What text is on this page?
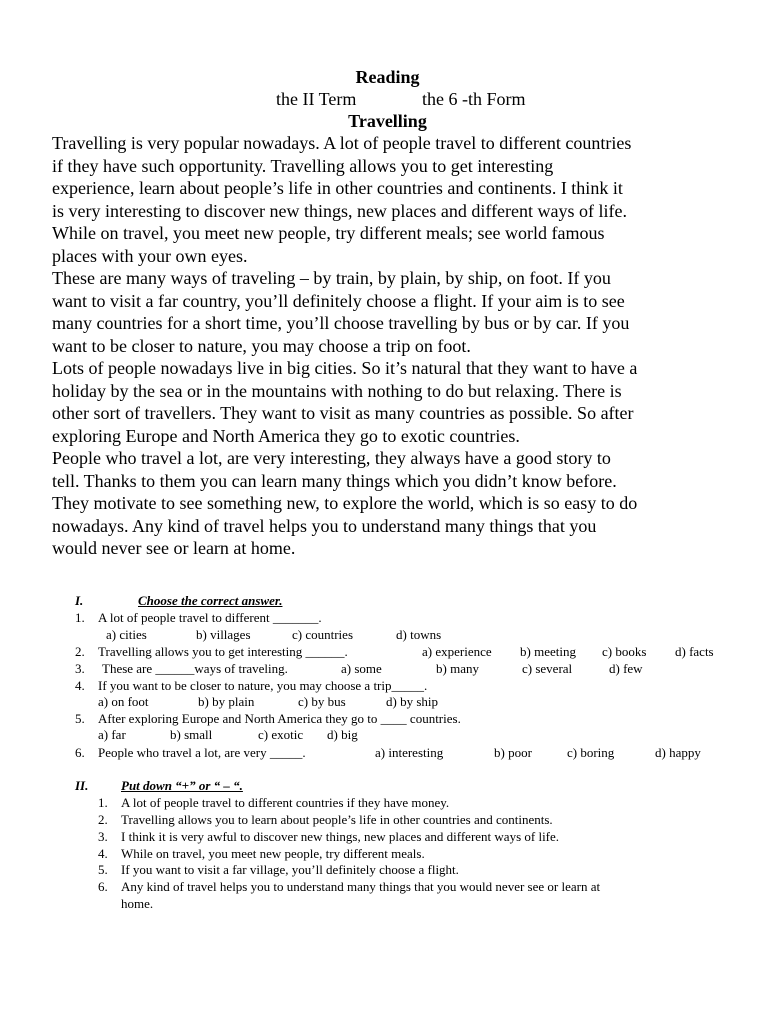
Reading
the II Term	the 6 -th Form
Travelling

Travelling is very popular nowadays. A lot of people travel to different countries
if they have such opportunity. Travelling allows you to get interesting
experience, learn about people’s life in other countries and continents. I think it
is very interesting to discover new things, new places and different ways of life.
While on travel, you meet new people, try different meals; see world famous
places with your own eyes.

These are many ways of traveling – by train, by plain, by ship, on foot. If you
want to visit a far country, you’ll definitely choose a flight. If your aim is to see
many countries for a short time, you’ll choose travelling by bus or by car. If you
want to be closer to nature, you may choose a trip on foot.

Lots of people nowadays live in big cities. So it’s natural that they want to have a
holiday by the sea or in the mountains with nothing to do but relaxing. There is
other sort of travellers. They want to visit as many countries as possible. So after
exploring Europe and North America they go to exotic countries.

People who travel a lot, are very interesting, they always have a good story to
tell. Thanks to them you can learn many things which you didn’t know before.
They motivate to see something new, to explore the world, which is so easy to do
nowadays. Any kind of travel helps you to understand many things that you
would never see or learn at home.

I.	Choose the correct answer.
1. A lot of people travel to different _______.
a) cities	b) villages	c) countries	d) towns
2. Travelling allows you to get interesting ______.	a) experience b) meeting c) books d) facts
3. These are ______ways of traveling.	a) some	b) many	c) several	d) few
4. If you want to be closer to nature, you may choose a trip_____.
a) on foot	b) by plain	c) by bus	d) by ship
5. After exploring Europe and North America they go to ____ countries.
a) far	b) small	c) exotic d) big
6. People who travel a lot, are very _____.	a) interesting	b) poor	c) boring	d) happy
II.	Put down “+” or “ – “.
1. A lot of people travel to different countries if they have money.
2. Travelling allows you to learn about people’s life in other countries and continents.
3. I think it is very awful to discover new things, new places and different ways of life.
4. While on travel, you meet new people, try different meals.
5. If you want to visit a far village, you’ll definitely choose a flight.
6. Any kind of travel helps you to understand many things that you would never see or learn at
home.
